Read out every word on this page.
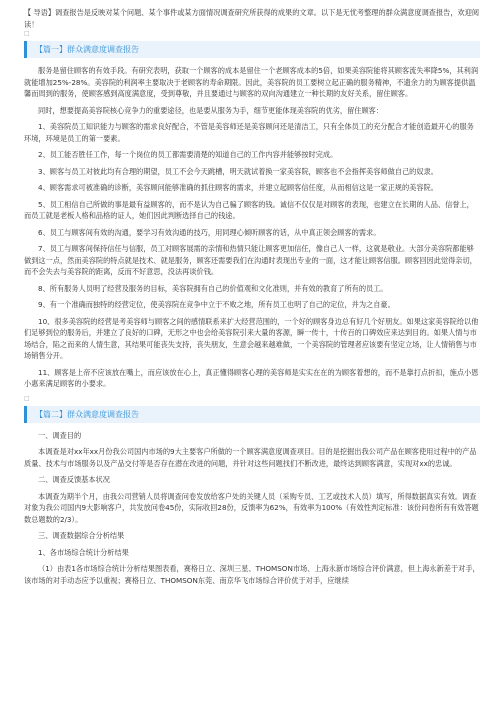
【 导语】调查报告是反映对某个问题、某个事件或某方面情况调查研究所获得的成果的文章。以下是无忧考整理的群众满意度调查报告，欢迎阅读！

□
【篇一】群众满意度调查报告

服务是留住顾客的有效手段。有研究表明，获取一个顾客的成本是留住一个老顾客成本的5倍，如果美容院能将其顾客流失率降5%，其利润就能增加25%-28%。美容院的利润率主要取决于老顾客的寿命期限。因此，美容院的员工要树立起正确的服务精神，不遗余力的为顾客提供温馨而周到的服务，使顾客感到高度满意度，受到尊敬，并且要通过与顾客的双向沟通建立一种长期的友好关系，留住顾客。

同时，想要提高美容院核心竞争力的重要途径，也是要从服务为手，细节更能体现美容院的优劣，留住顾客：

1、美容院员工知识能力与顾客的需求良好配合，不管是美容师还是美容顾问还是清洁工，只有全体员工的充分配合才能创造最开心的服务环境，环境是员工的第一要素。

2、员工能否胜任工作，每一个岗位的员工都需要清楚的知道自己的工作内容并能够按时完成。

3、顾客与员工对彼此均有合理的期望，员工不会今天跳槽，明天就试着换一家美容院，顾客也不会指挥美容师做自己的奴隶。

4、顾客需求可被准确的诊断，美容顾问能够准确的抓住顾客的需求，并建立起顾客信任度，从而相信这是一家正规的美容院。

5、员工相信自己所做的事是最有益顾客的，而不是认为自己骗了顾客的钱。诚信不仅仅是对顾客的表现，也建立在长期的人品、信誉上，而员工就是老板人格和品格的证人，她们因此判断选择自己的钱途。

6、员工与顾客间有效的沟通，要学习有效沟通的技巧，用同理心倾听顾客的话，从中真正领会顾客的需求。

7、员工与顾客间保持信任与信服，员工对顾客展需的亲情和热情只能让顾客更加信任，像自己人一样，这就是敬业。大部分美容院都能够做到这一点，然而美容院的特点就是技术、就是服务，顾客还需要我们在沟通时表现出专业的一面，这才能让顾客信服。顾客回因此觉得亲切，而不会失去与美容院的距离，反而不好意思，没法再谈价钱。

8、所有服务人员明了经营及服务的目标，美容院拥有自己的价值观和文化准则，并有效的教育了所有的员工。

9、有一个准确而独特的经营定位，使美容院在竞争中立于不败之地，所有员工也明了自己的定位，并为之自豪。

10、很多美容院的经营是考美容师与顾客之间的感情联系来扩大经营范围的，一个好的顾客身边总有好几个好朋友。如果这家美容院给以他们足够到位的服务后，并建立了良好的口碑，无形之中也会给美容院引来大量的客源，瞬一传十，十传百的口碑效应来达到目的。如果人情与市场结合，陷之而来的人情生意，其结果可能丧失支持，丧失朋友，生意会越来越难做，一个美容院的管理者应该要有坚定立场，让人情销售与市场销售分开。

11、顾客是上帝不应该放在嘴上，而应该放在心上，真正懂得顾客心理的美容师是实实在在的为顾客着想的，而不是靠打点折扣，施点小恩小惠来满足顾客的小要求。

□
【篇二】群众满意度调查报告

一、调查目的

本调查是对xx年xx月份我公司国内市场的9大主要客户所做的一个顾客满意度调查项目。目的是挖掘出我公司产品在顾客使用过程中的产品质量、技术与市场服务以及产品交付等是否存在潜在改进的问题，并针对这些问题找们不断改进，最终达到顾客满意，实现对xx的忠诚。

二、调查反馈基本状况

本调查为期半个月，由我公司营销人员将调查问卷发放给客户处的关键人员（采购专员、工艺或技术人员）填写，所得数据真实有效。调查对象为我公司国内9大影响客户，共发放问卷45份，实际收回28份，反馈率为62%，有效率为100%（有效性判定标准：该份问卷所有有效答题数总题数的2/3）。

三、调查数据综合分析结果

1、各市场综合统计分析结果

（1）由表1各市场综合统计分析结果图表看，赛格日立、深圳三星、THOMSON市场、上海永新市场综合评价满意，但上海永新差于对手，该市场的对手动态应予以重视；赛格日立、THOMSON东莞、南京华飞市场综合评价优于对手，应继续
